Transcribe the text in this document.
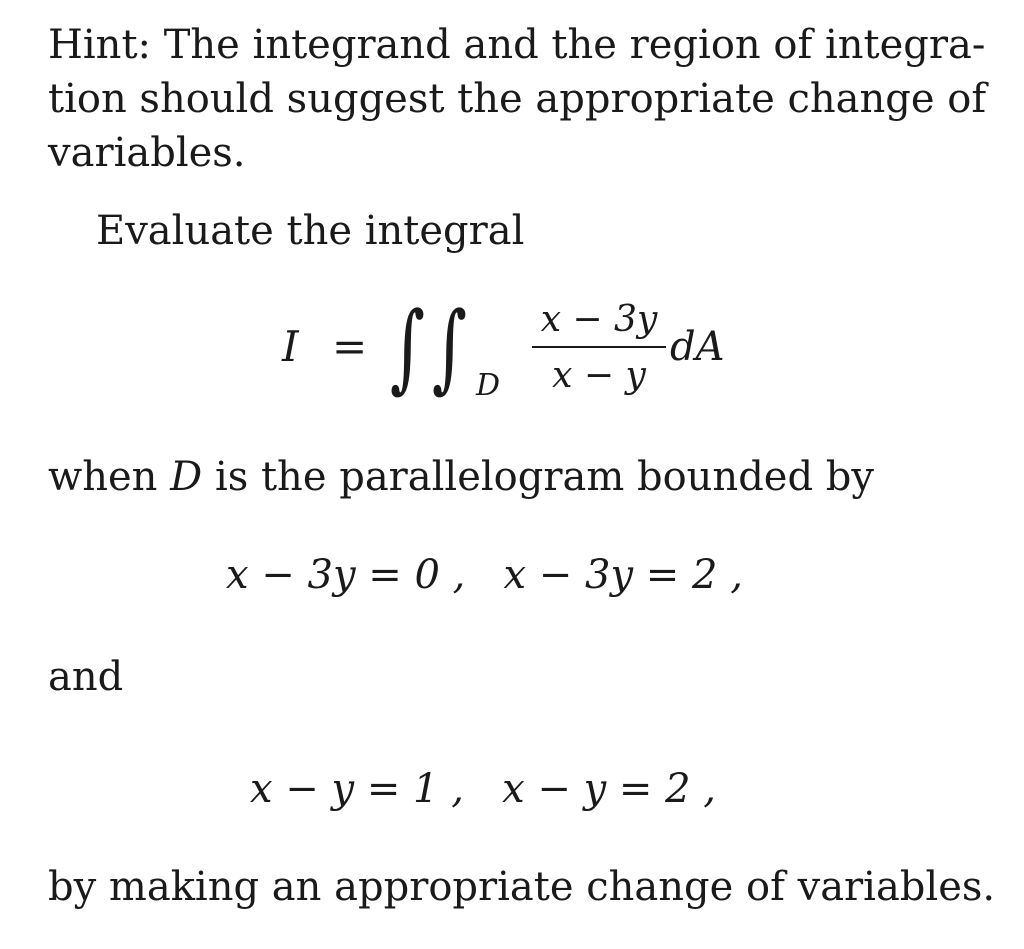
Hint: The integrand and the region of integra-
tion should suggest the appropriate change of
variables.
Evaluate the integral
I = ∫ ∫ D
x − 3y
x − y
dA
when D is the parallelogram bounded by
x − 3y = 0 , x − 3y = 2 ,
and
x − y = 1 , x − y = 2 ,
by making an appropriate change of variables.
